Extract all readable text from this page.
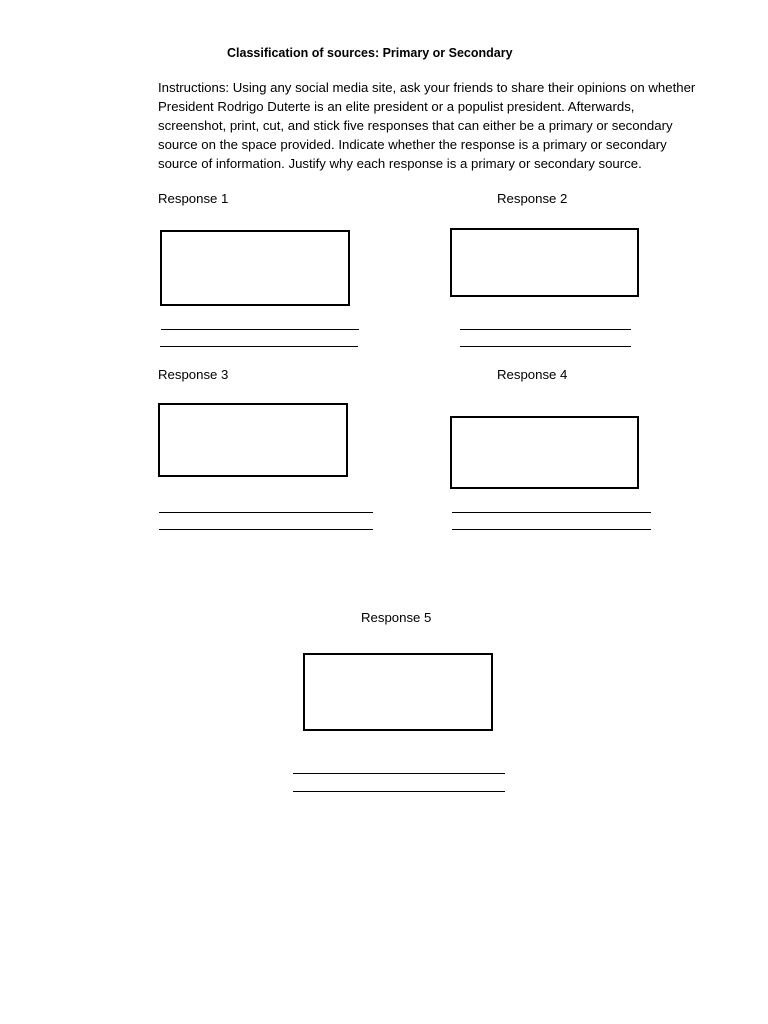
Classification of sources: Primary or Secondary
Instructions: Using any social media site, ask your friends to share their opinions on whether
President Rodrigo Duterte is an elite president or a populist president. Afterwards,
screenshot, print, cut, and stick five responses that can either be a primary or secondary
source on the space provided. Indicate whether the response is a primary or secondary
source of information. Justify why each response is a primary or secondary source.
Response 1	Response 2
Response 3	Response 4
Response 5
